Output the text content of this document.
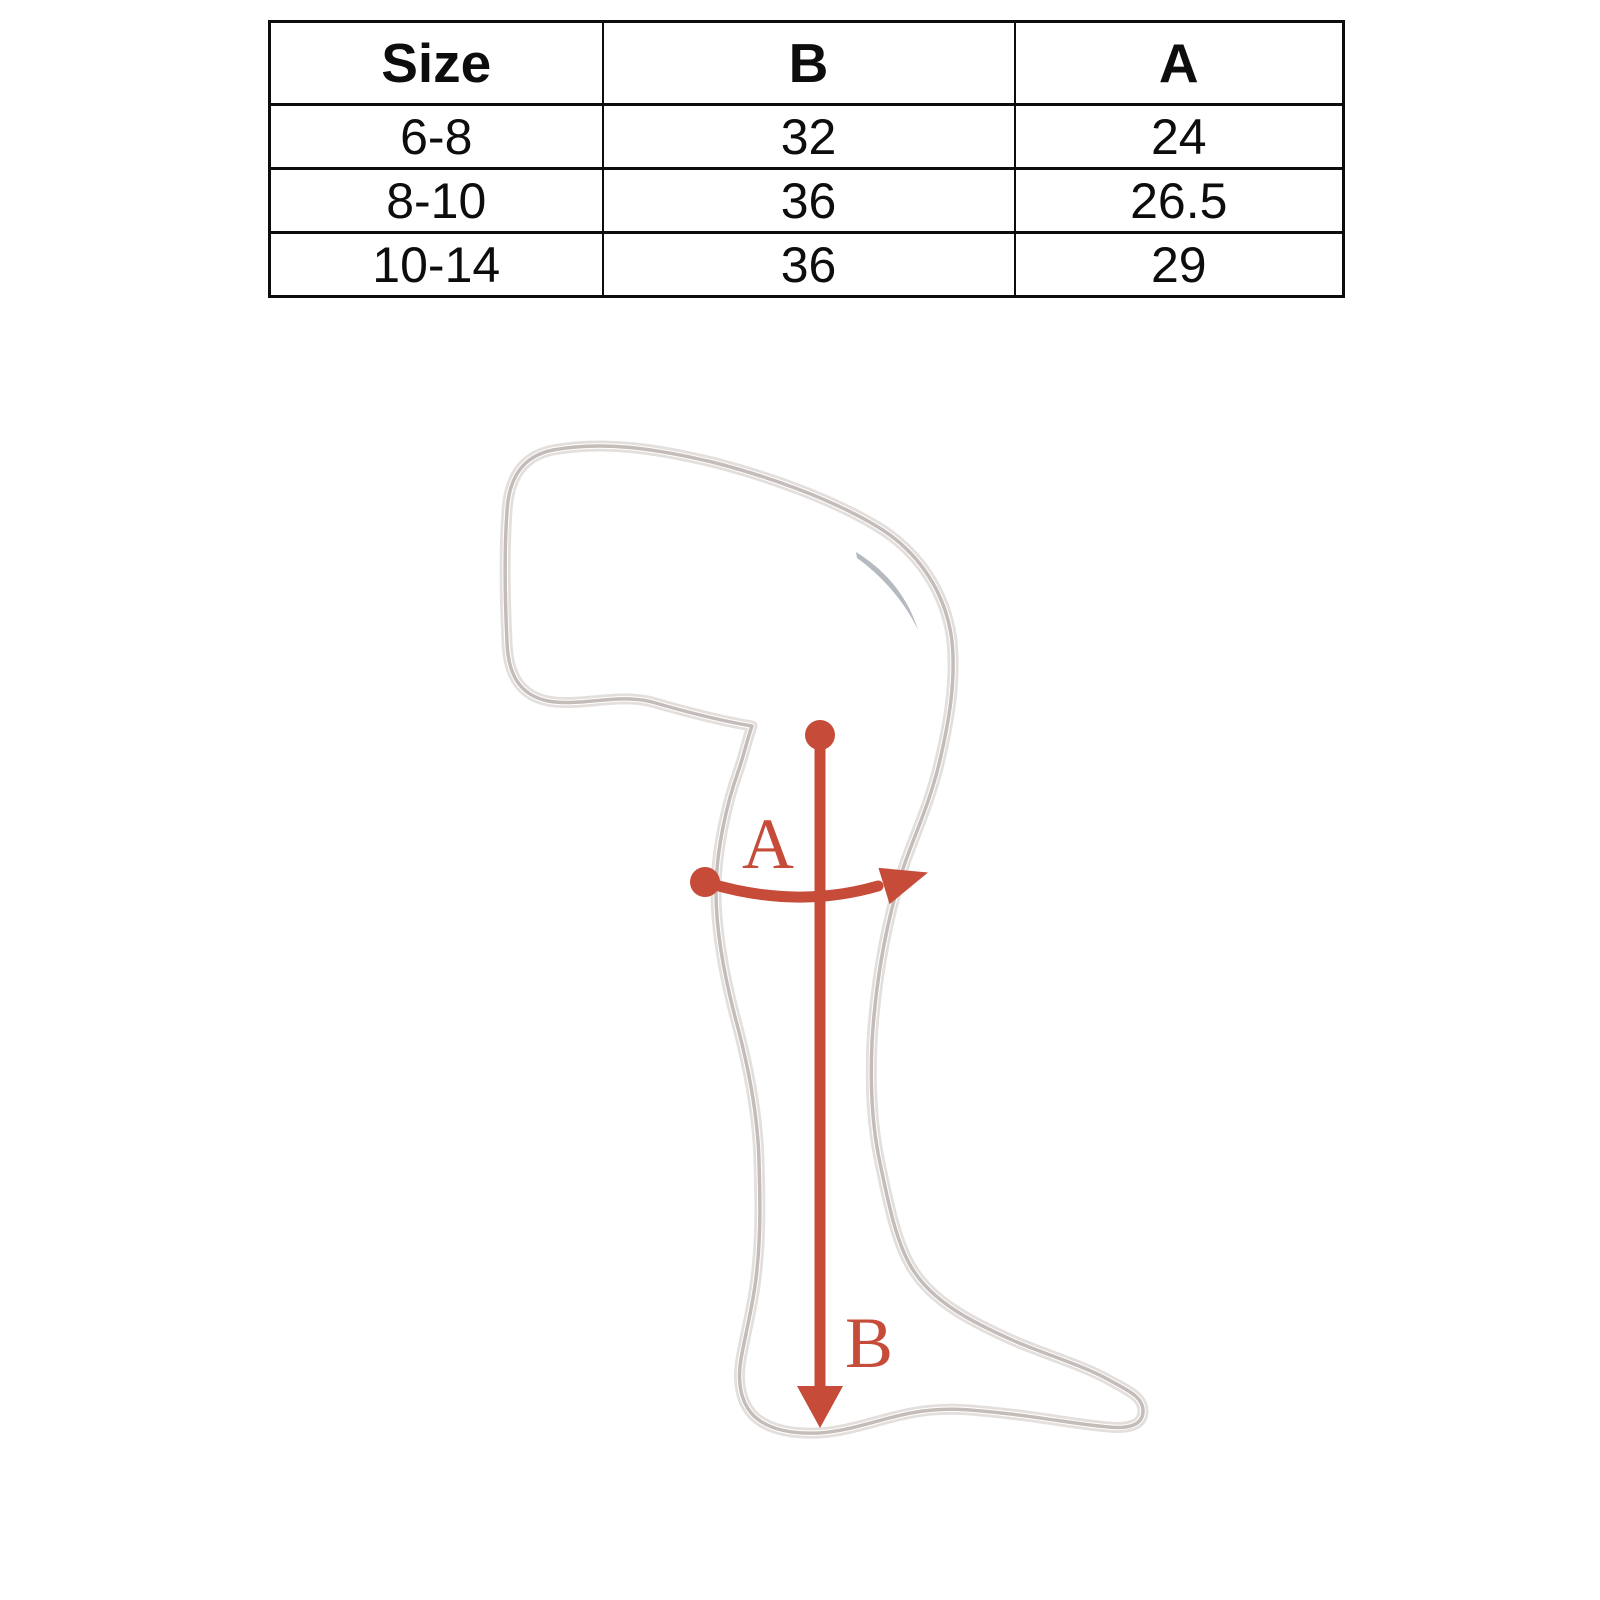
Size	B	A
6-8	32	24
8-10	36	26.5
10-14	36	29
A
B
